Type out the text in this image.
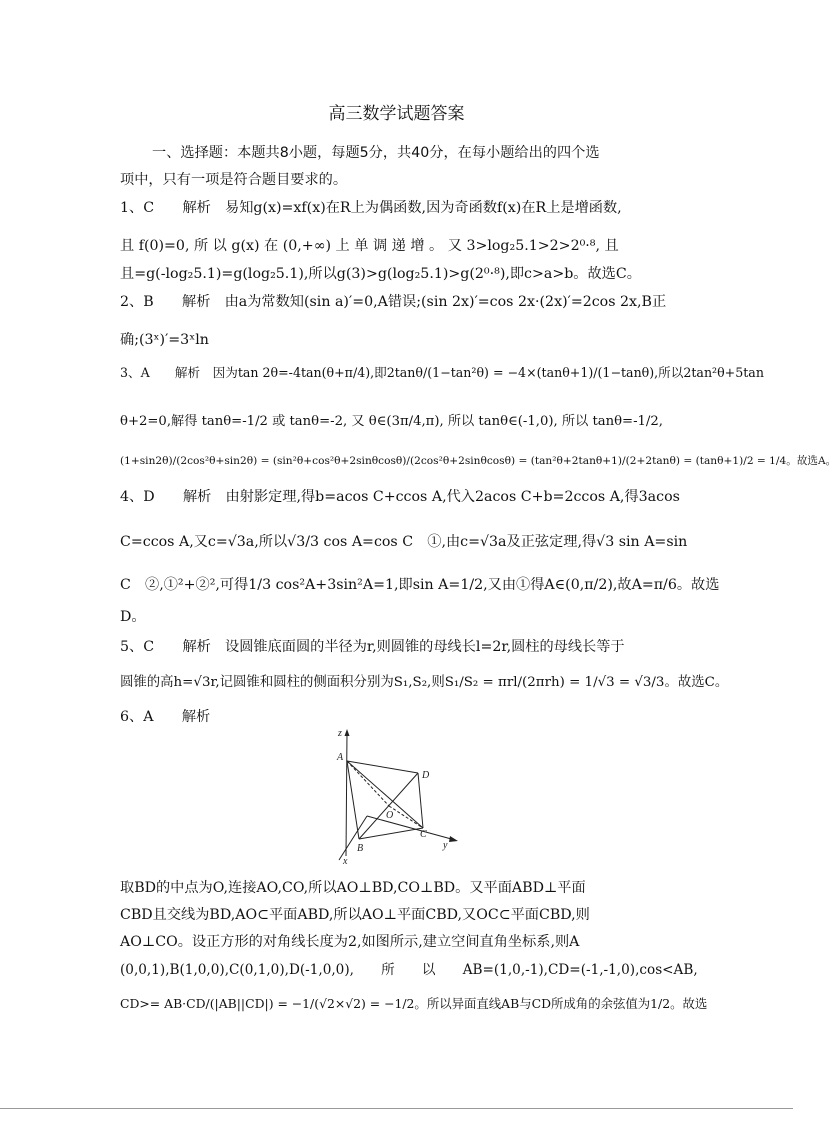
高三数学试题答案
一、选择题：本题共8小题，每题5分，共40分，在每小题给出的四个选
项中，只有一项是符合题目要求的。
1、C　　解析　易知g(x)=xf(x)在R上为偶函数,因为奇函数f(x)在R上是增函数,
且 f(0)=0, 所 以 g(x) 在 (0,+∞) 上 单 调 递 增 。 又 3>log₂5.1>2>2⁰·⁸, 且
且=g(-log₂5.1)=g(log₂5.1),所以g(3)>g(log₂5.1)>g(2⁰·⁸),即c>a>b。故选C。
2、B　　解析　由a为常数知(sin a)′=0,A错误;(sin 2x)′=cos 2x·(2x)′=2cos 2x,B正
确;(3ˣ)′=3ˣln
3、A　　解析　因为tan 2θ=-4tan(θ+π/4),即2tanθ/(1−tan²θ) = −4×(tanθ+1)/(1−tanθ),所以2tan²θ+5tan
θ+2=0,解得 tanθ=-1/2 或 tanθ=-2, 又 θ∈(3π/4,π), 所以 tanθ∈(-1,0), 所以 tanθ=-1/2,
(1+sin2θ)/(2cos²θ+sin2θ) = (sin²θ+cos²θ+2sinθcosθ)/(2cos²θ+2sinθcosθ) = (tan²θ+2tanθ+1)/(2+2tanθ) = (tanθ+1)/2 = 1/4。故选A。
4、D　　解析　由射影定理,得b=acos C+ccos A,代入2acos C+b=2ccos A,得3acos
C=ccos A,又c=√3a,所以√3/3 cos A=cos C　①,由c=√3a及正弦定理,得√3 sin A=sin
C　②,①²+②²,可得1/3 cos²A+3sin²A=1,即sin A=1/2,又由①得A∈(0,π/2),故A=π/6。故选
D。
5、C　　解析　设圆锥底面圆的半径为r,则圆锥的母线长l=2r,圆柱的母线长等于
圆锥的高h=√3r,记圆锥和圆柱的侧面积分别为S₁,S₂,则S₁/S₂ = πrl/(2πrh) = 1/√3 = √3/3。故选C。
6、A　　解析
z
A
D
O
C
B
x
y
取BD的中点为O,连接AO,CO,所以AO⊥BD,CO⊥BD。又平面ABD⊥平面
CBD且交线为BD,AO⊂平面ABD,所以AO⊥平面CBD,又OC⊂平面CBD,则
AO⊥CO。设正方形的对角线长度为2,如图所示,建立空间直角坐标系,则A
(0,0,1),B(1,0,0),C(0,1,0),D(-1,0,0),　　所　　以　　AB=(1,0,-1),CD=(-1,-1,0),cos<AB,
CD>= AB·CD/(|AB||CD|) = −1/(√2×√2) = −1/2。所以异面直线AB与CD所成角的余弦值为1/2。故选
